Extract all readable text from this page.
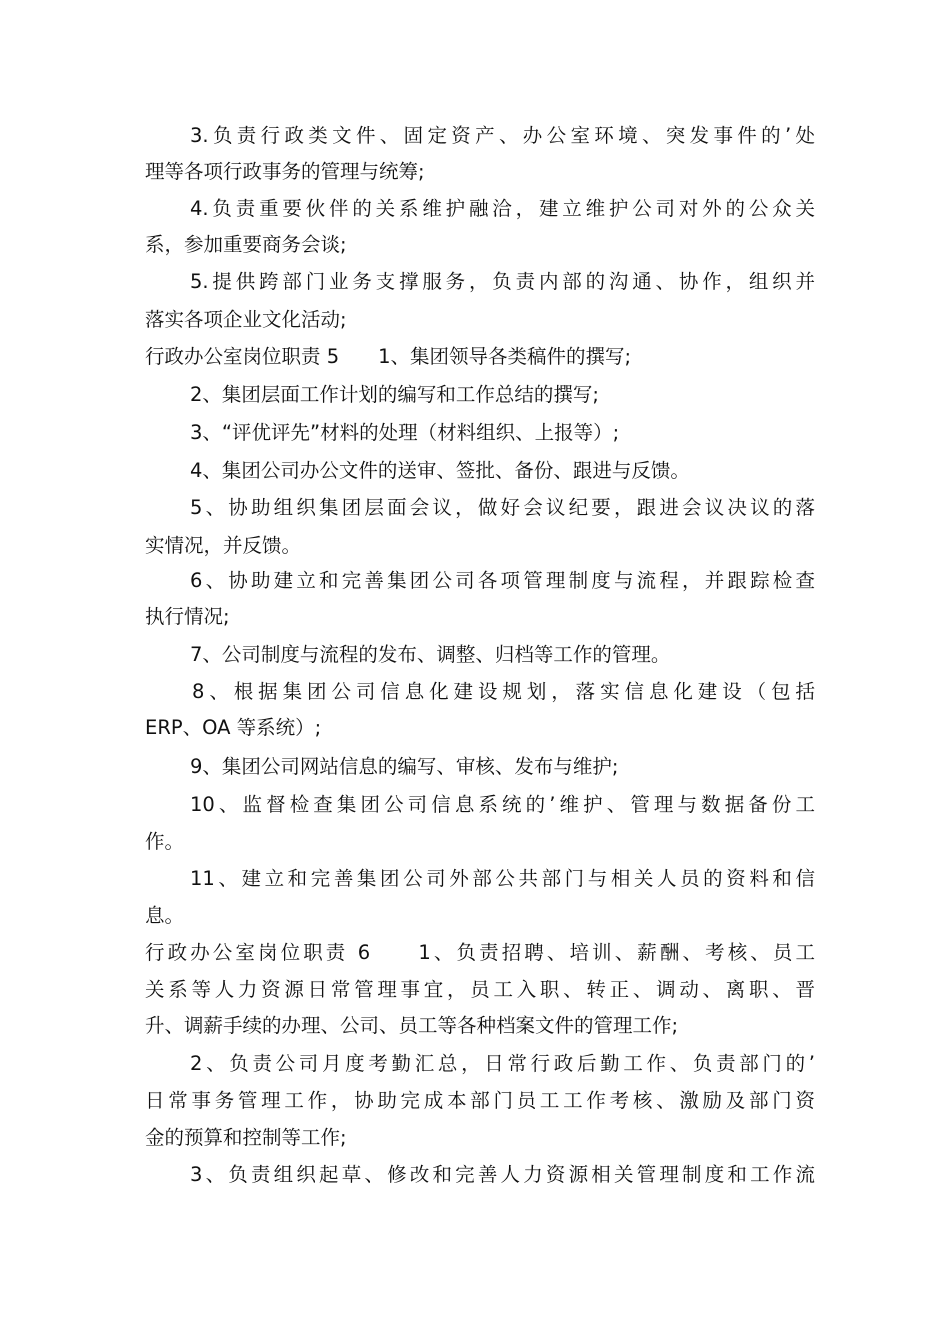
3.负责行政类文件、固定资产、办公室环境、突发事件的’处
理等各项行政事务的管理与统筹;
4.负责重要伙伴的关系维护融洽，建立维护公司对外的公众关
系，参加重要商务会谈;
5.提供跨部门业务支撑服务，负责内部的沟通、协作，组织并
落实各项企业文化活动;
行政办公室岗位职责 5　　1、集团领导各类稿件的撰写;
2、集团层面工作计划的编写和工作总结的撰写;
3、“评优评先”材料的处理（材料组织、上报等）;
4、集团公司办公文件的送审、签批、备份、跟进与反馈。
5、协助组织集团层面会议，做好会议纪要，跟进会议决议的落
实情况，并反馈。
6、协助建立和完善集团公司各项管理制度与流程，并跟踪检查
执行情况;
7、公司制度与流程的发布、调整、归档等工作的管理。
8、根据集团公司信息化建设规划，落实信息化建设（包括
ERP、OA 等系统）;
9、集团公司网站信息的编写、审核、发布与维护;
10、监督检查集团公司信息系统的’维护、管理与数据备份工
作。
11、建立和完善集团公司外部公共部门与相关人员的资料和信
息。
行政办公室岗位职责 6　　1、负责招聘、培训、薪酬、考核、员工
关系等人力资源日常管理事宜，员工入职、转正、调动、离职、晋
升、调薪手续的办理、公司、员工等各种档案文件的管理工作;
2、负责公司月度考勤汇总，日常行政后勤工作、负责部门的’
日常事务管理工作，协助完成本部门员工工作考核、激励及部门资
金的预算和控制等工作;
3、负责组织起草、修改和完善人力资源相关管理制度和工作流
